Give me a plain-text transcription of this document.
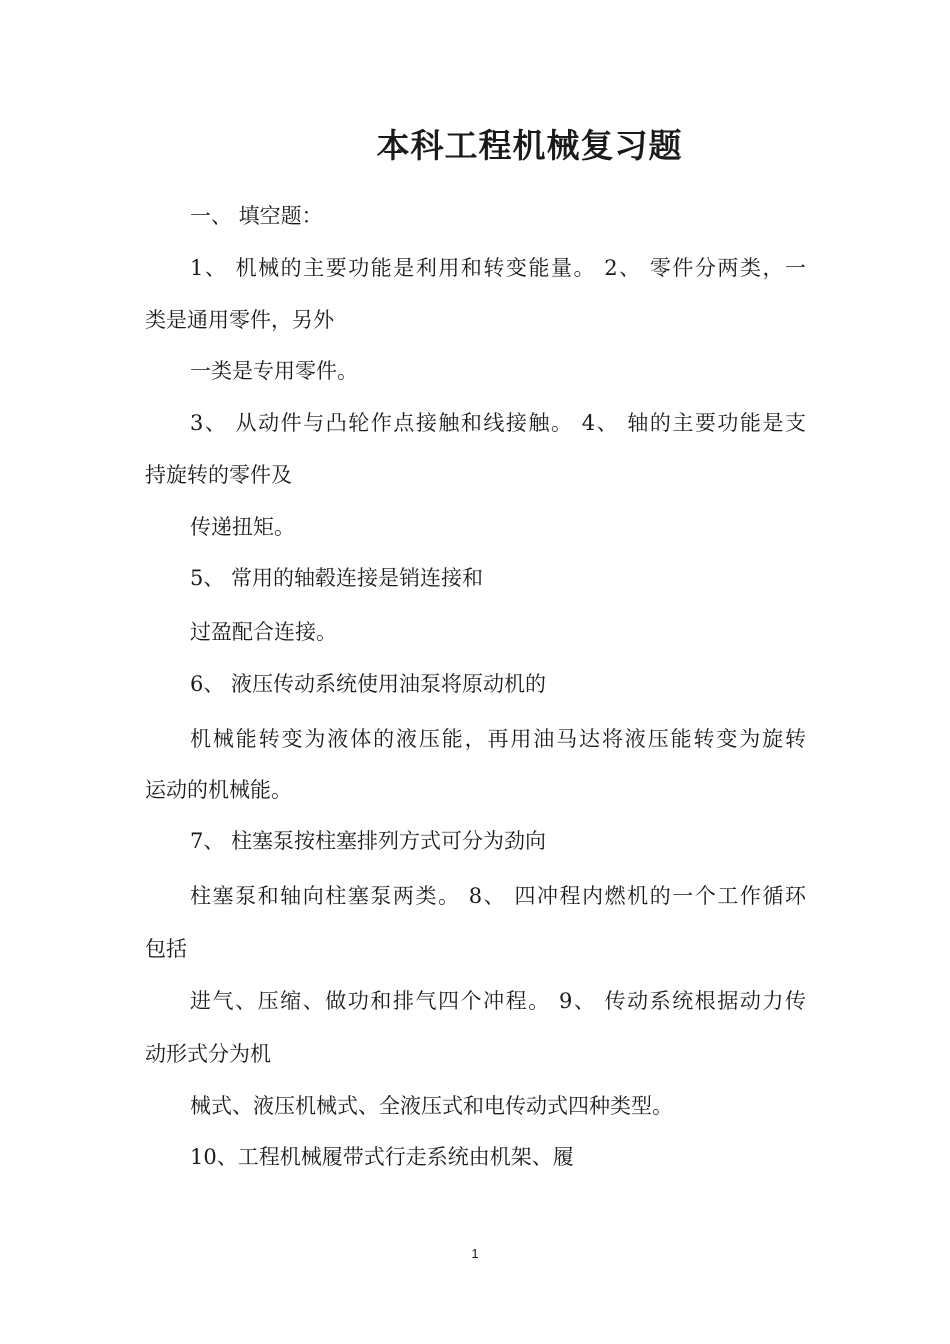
本科工程机械复习题
一、 填空题：
1、 机械的主要功能是利用和转变能量。 2、 零件分两类，一
类是通用零件，另外
一类是专用零件。
3、 从动件与凸轮作点接触和线接触。 4、 轴的主要功能是支
持旋转的零件及
传递扭矩。
5、 常用的轴毂连接是销连接和
过盈配合连接。
6、 液压传动系统使用油泵将原动机的
机械能转变为液体的液压能，再用油马达将液压能转变为旋转
运动的机械能。
7、 柱塞泵按柱塞排列方式可分为劲向
柱塞泵和轴向柱塞泵两类。 8、 四冲程内燃机的一个工作循环
包括
进气、压缩、做功和排气四个冲程。 9、 传动系统根据动力传
动形式分为机
械式、液压机械式、全液压式和电传动式四种类型。
10、工程机械履带式行走系统由机架、履
1
